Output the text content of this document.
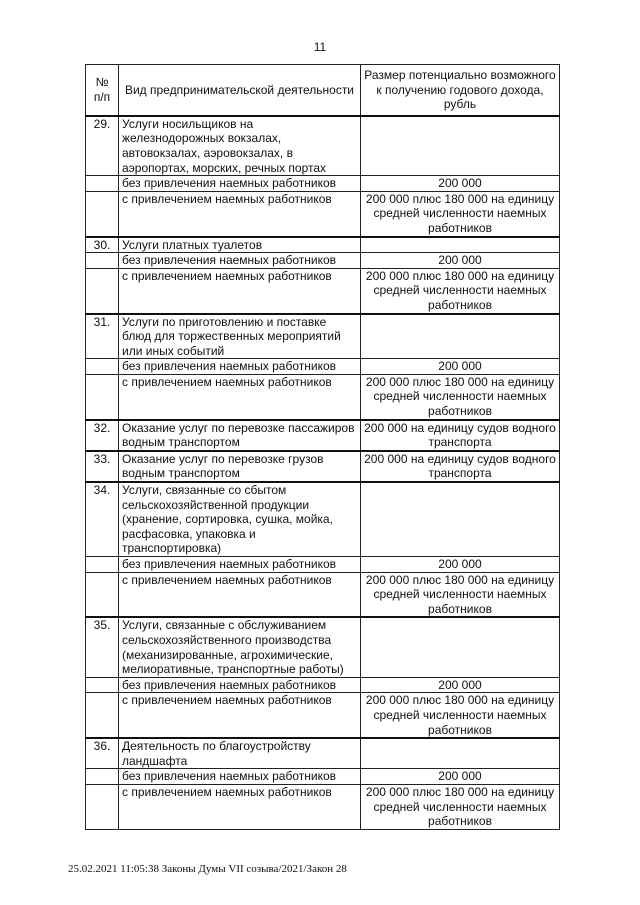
11
№ п/п	Вид предпринимательской деятельности	Размер потенциально возможного к получению годового дохода, рубль
29.	Услуги носильщиков на железнодорожных вокзалах, автовокзалах, аэровокзалах, в аэропортах, морских, речных портах	
	без привлечения наемных работников	200 000
	с привлечением наемных работников	200 000 плюс 180 000 на единицу средней численности наемных работников
30.	Услуги платных туалетов	
	без привлечения наемных работников	200 000
	с привлечением наемных работников	200 000 плюс 180 000 на единицу средней численности наемных работников
31.	Услуги по приготовлению и поставке блюд для торжественных мероприятий или иных событий	
	без привлечения наемных работников	200 000
	с привлечением наемных работников	200 000 плюс 180 000 на единицу средней численности наемных работников
32.	Оказание услуг по перевозке пассажиров водным транспортом	200 000 на единицу судов водного транспорта
33.	Оказание услуг по перевозке грузов водным транспортом	200 000 на единицу судов водного транспорта
34.	Услуги, связанные со сбытом сельскохозяйственной продукции (хранение, сортировка, сушка, мойка, расфасовка, упаковка и транспортировка)	
	без привлечения наемных работников	200 000
	с привлечением наемных работников	200 000 плюс 180 000 на единицу средней численности наемных работников
35.	Услуги, связанные с обслуживанием сельскохозяйственного производства (механизированные, агрохимические, мелиоративные, транспортные работы)	
	без привлечения наемных работников	200 000
	с привлечением наемных работников	200 000 плюс 180 000 на единицу средней численности наемных работников
36.	Деятельность по благоустройству ландшафта	
	без привлечения наемных работников	200 000
	с привлечением наемных работников	200 000 плюс 180 000 на единицу средней численности наемных работников
25.02.2021 11:05:38 Законы Думы VII созыва/2021/Закон 28
